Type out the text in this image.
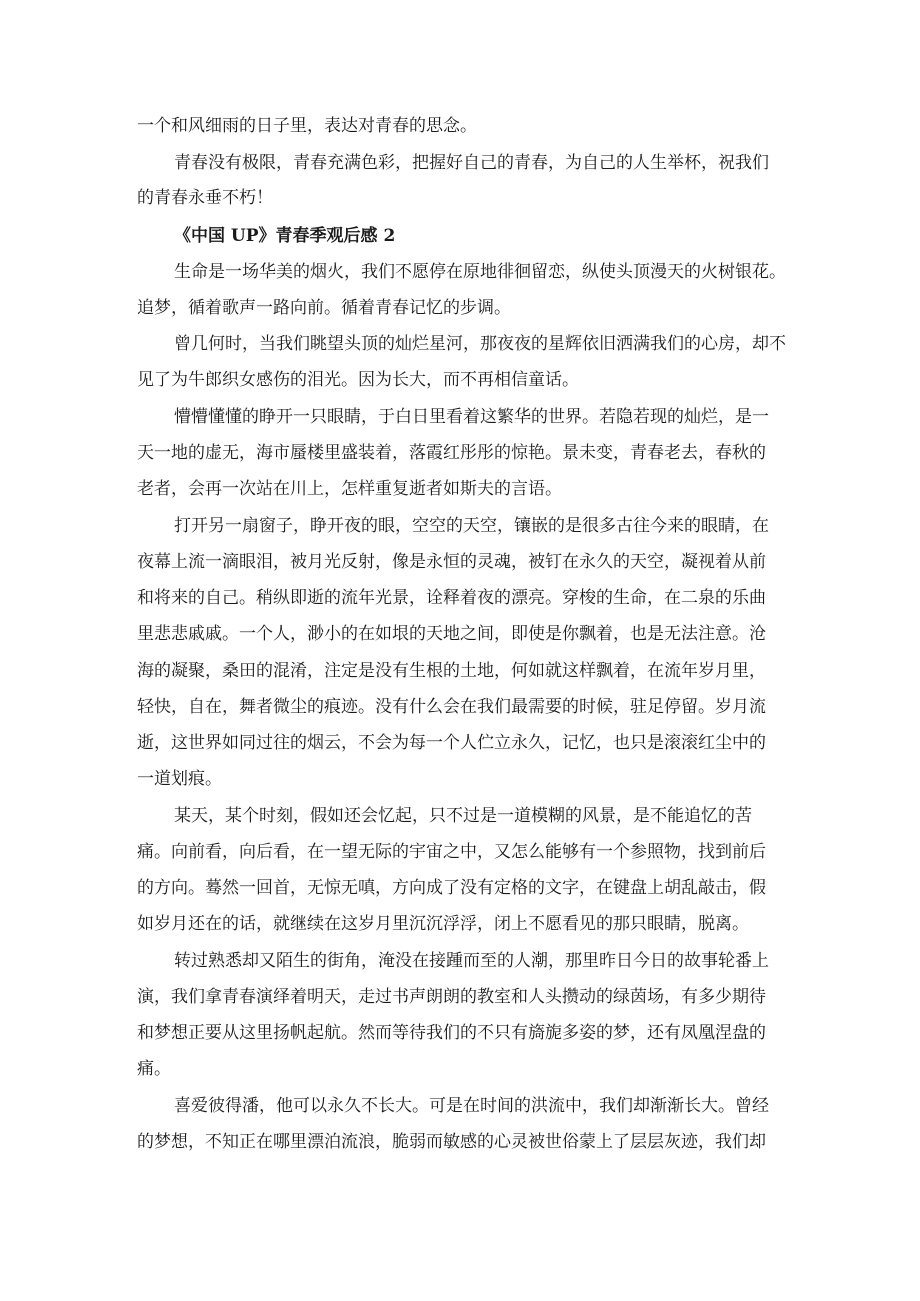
一个和风细雨的日子里，表达对青春的思念。
青春没有极限，青春充满色彩，把握好自己的青春，为自己的人生举杯，祝我们
的青春永垂不朽！
《中国 UP》青春季观后感 2
生命是一场华美的烟火，我们不愿停在原地徘徊留恋，纵使头顶漫天的火树银花。
追梦，循着歌声一路向前。循着青春记忆的步调。
曾几何时，当我们眺望头顶的灿烂星河，那夜夜的星辉依旧洒满我们的心房，却不
见了为牛郎织女感伤的泪光。因为长大，而不再相信童话。
懵懵懂懂的睁开一只眼睛，于白日里看着这繁华的世界。若隐若现的灿烂，是一
天一地的虚无，海市蜃楼里盛装着，落霞红彤彤的惊艳。景未变，青春老去，春秋的
老者，会再一次站在川上，怎样重复逝者如斯夫的言语。
打开另一扇窗子，睁开夜的眼，空空的天空，镶嵌的是很多古往今来的眼睛，在
夜幕上流一滴眼泪，被月光反射，像是永恒的灵魂，被钉在永久的天空，凝视着从前
和将来的自己。稍纵即逝的流年光景，诠释着夜的漂亮。穿梭的生命，在二泉的乐曲
里悲悲戚戚。一个人，渺小的在如垠的天地之间，即使是你飘着，也是无法注意。沧
海的凝聚，桑田的混淆，注定是没有生根的土地，何如就这样飘着，在流年岁月里，
轻快，自在，舞者微尘的痕迹。没有什么会在我们最需要的时候，驻足停留。岁月流
逝，这世界如同过往的烟云，不会为每一个人伫立永久，记忆，也只是滚滚红尘中的
一道划痕。
某天，某个时刻，假如还会忆起，只不过是一道模糊的风景，是不能追忆的苦
痛。向前看，向后看，在一望无际的宇宙之中，又怎么能够有一个参照物，找到前后
的方向。蓦然一回首，无惊无嗔，方向成了没有定格的文字，在键盘上胡乱敲击，假
如岁月还在的话，就继续在这岁月里沉沉浮浮，闭上不愿看见的那只眼睛，脱离。
转过熟悉却又陌生的街角，淹没在接踵而至的人潮，那里昨日今日的故事轮番上
演，我们拿青春演绎着明天，走过书声朗朗的教室和人头攒动的绿茵场，有多少期待
和梦想正要从这里扬帆起航。然而等待我们的不只有旖旎多姿的梦，还有凤凰涅盘的
痛。
喜爱彼得潘，他可以永久不长大。可是在时间的洪流中，我们却渐渐长大。曾经
的梦想，不知正在哪里漂泊流浪，脆弱而敏感的心灵被世俗蒙上了层层灰迹，我们却
